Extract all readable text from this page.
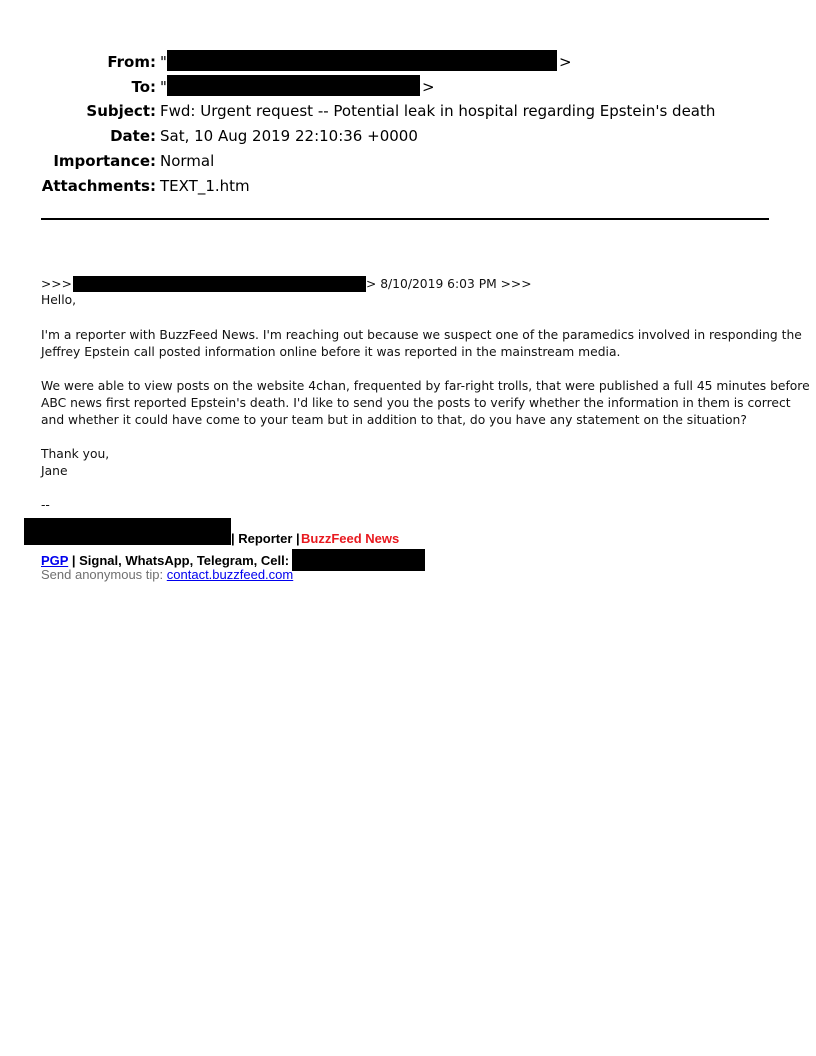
From: "	>
To: "	>
Subject: Fwd: Urgent request -- Potential leak in hospital regarding Epstein's death
Date: Sat, 10 Aug 2019 22:10:36 +0000
Importance: Normal
Attachments: TEXT_1.htm
>>>	> 8/10/2019 6:03 PM >>>
Hello,
I'm a reporter with BuzzFeed News. I'm reaching out because we suspect one of the paramedics involved in responding the
Jeffrey Epstein call posted information online before it was reported in the mainstream media.
We were able to view posts on the website 4chan, frequented by far-right trolls, that were published a full 45 minutes before
ABC news first reported Epstein's death. I'd like to send you the posts to verify whether the information in them is correct
and whether it could have come to your team but in addition to that, do you have any statement on the situation?
Thank you,
Jane
--
| Reporter | BuzzFeed News
PGP | Signal, WhatsApp, Telegram, Cell:
Send anonymous tip: contact.buzzfeed.com
